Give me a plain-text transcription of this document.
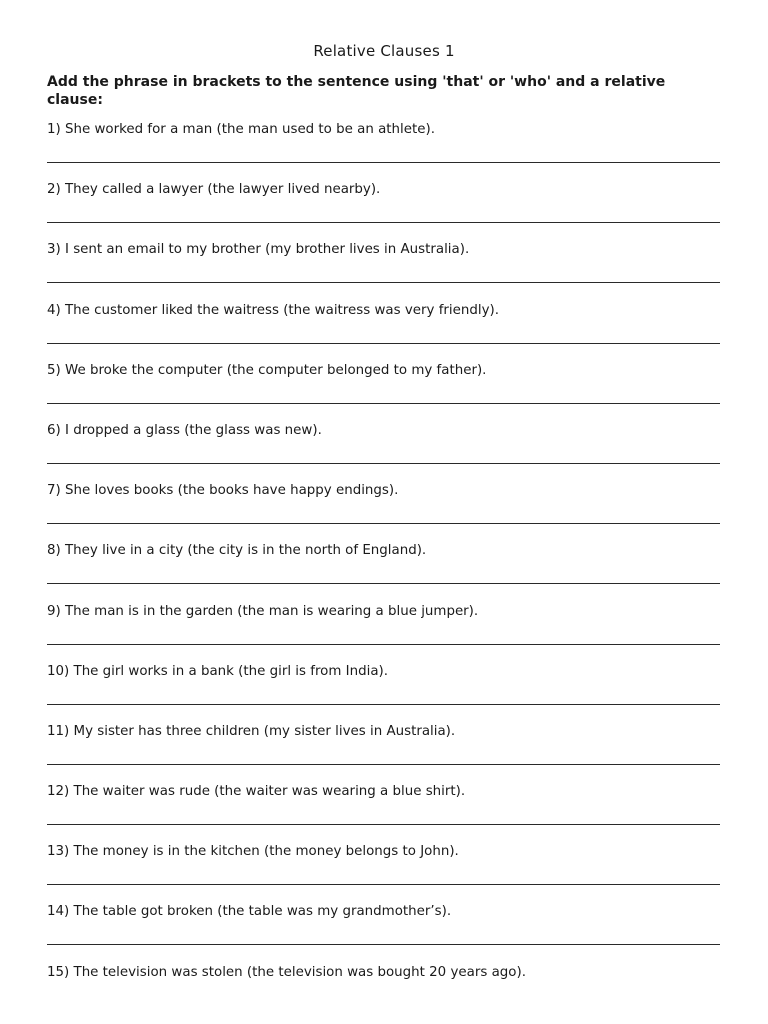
Relative Clauses 1
Add the phrase in brackets to the sentence using 'that' or 'who' and a relative clause:
1) She worked for a man (the man used to be an athlete).
2) They called a lawyer (the lawyer lived nearby).
3) I sent an email to my brother (my brother lives in Australia).
4) The customer liked the waitress (the waitress was very friendly).
5) We broke the computer (the computer belonged to my father).
6) I dropped a glass (the glass was new).
7) She loves books (the books have happy endings).
8) They live in a city (the city is in the north of England).
9) The man is in the garden (the man is wearing a blue jumper).
10) The girl works in a bank (the girl is from India).
11) My sister has three children (my sister lives in Australia).
12) The waiter was rude (the waiter was wearing a blue shirt).
13) The money is in the kitchen (the money belongs to John).
14) The table got broken (the table was my grandmother’s).
15) The television was stolen (the television was bought 20 years ago).
